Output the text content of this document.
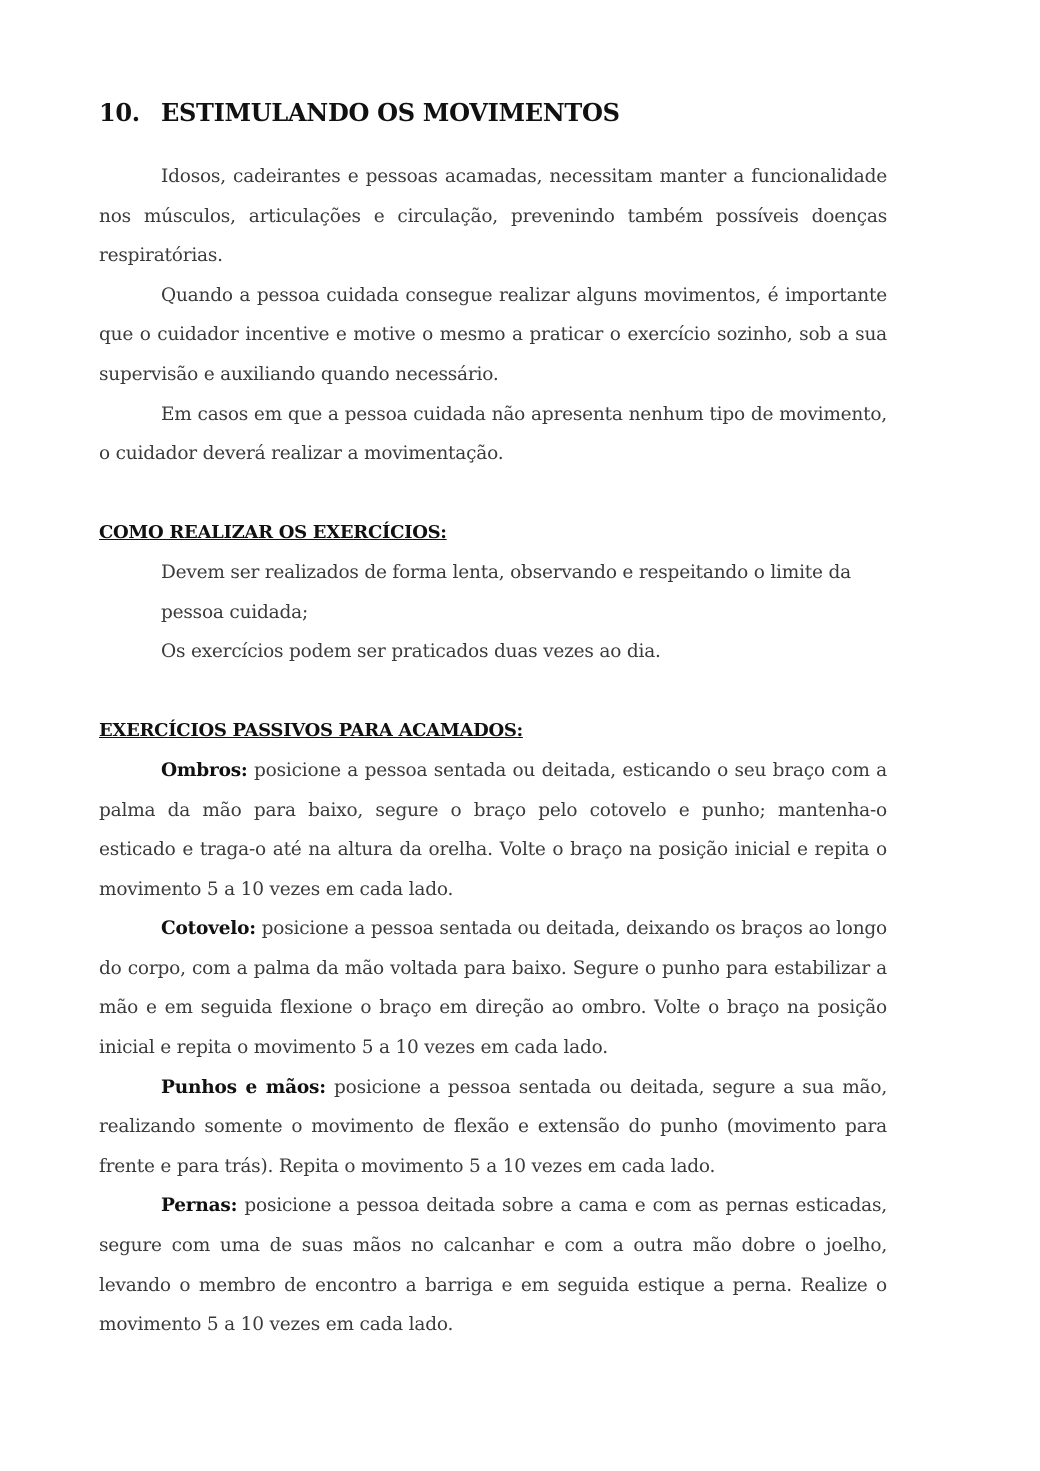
10. ESTIMULANDO OS MOVIMENTOS

Idosos, cadeirantes e pessoas acamadas, necessitam manter a funcionalidade nos músculos, articulações e circulação, prevenindo também possíveis doenças respiratórias.

Quando a pessoa cuidada consegue realizar alguns movimentos, é importante que o cuidador incentive e motive o mesmo a praticar o exercício sozinho, sob a sua supervisão e auxiliando quando necessário.

Em casos em que a pessoa cuidada não apresenta nenhum tipo de movimento, o cuidador deverá realizar a movimentação.

COMO REALIZAR OS EXERCÍCIOS:
Devem ser realizados de forma lenta, observando e respeitando o limite da pessoa cuidada;
Os exercícios podem ser praticados duas vezes ao dia.
EXERCÍCIOS PASSIVOS PARA ACAMADOS:

Ombros: posicione a pessoa sentada ou deitada, esticando o seu braço com a palma da mão para baixo, segure o braço pelo cotovelo e punho; mantenha-o esticado e traga-o até na altura da orelha. Volte o braço na posição inicial e repita o movimento 5 a 10 vezes em cada lado.

Cotovelo: posicione a pessoa sentada ou deitada, deixando os braços ao longo do corpo, com a palma da mão voltada para baixo. Segure o punho para estabilizar a mão e em seguida flexione o braço em direção ao ombro. Volte o braço na posição inicial e repita o movimento 5 a 10 vezes em cada lado.

Punhos e mãos: posicione a pessoa sentada ou deitada, segure a sua mão, realizando somente o movimento de flexão e extensão do punho (movimento para frente e para trás). Repita o movimento 5 a 10 vezes em cada lado.

Pernas: posicione a pessoa deitada sobre a cama e com as pernas esticadas, segure com uma de suas mãos no calcanhar e com a outra mão dobre o joelho, levando o membro de encontro a barriga e em seguida estique a perna. Realize o movimento 5 a 10 vezes em cada lado.
